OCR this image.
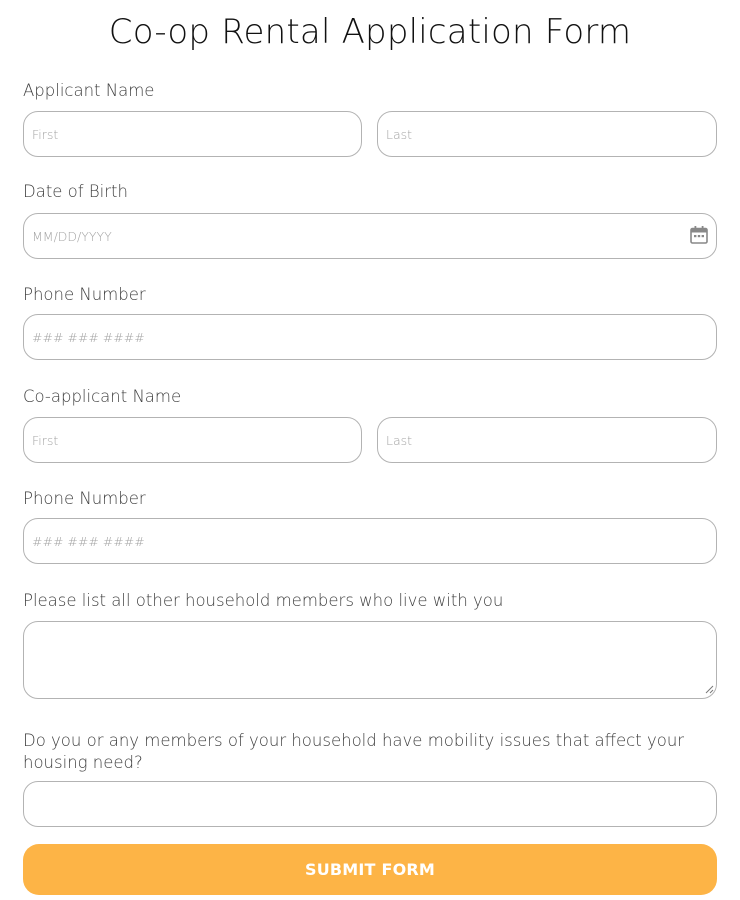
Co-op Rental Application Form
Applicant Name
First
Last
Date of Birth
MM/DD/YYYY
Phone Number
### ### ####
Co-applicant Name
First
Last
Phone Number
### ### ####
Please list all other household members who live with you
Do you or any members of your household have mobility issues that affect your housing need?
SUBMIT FORM
